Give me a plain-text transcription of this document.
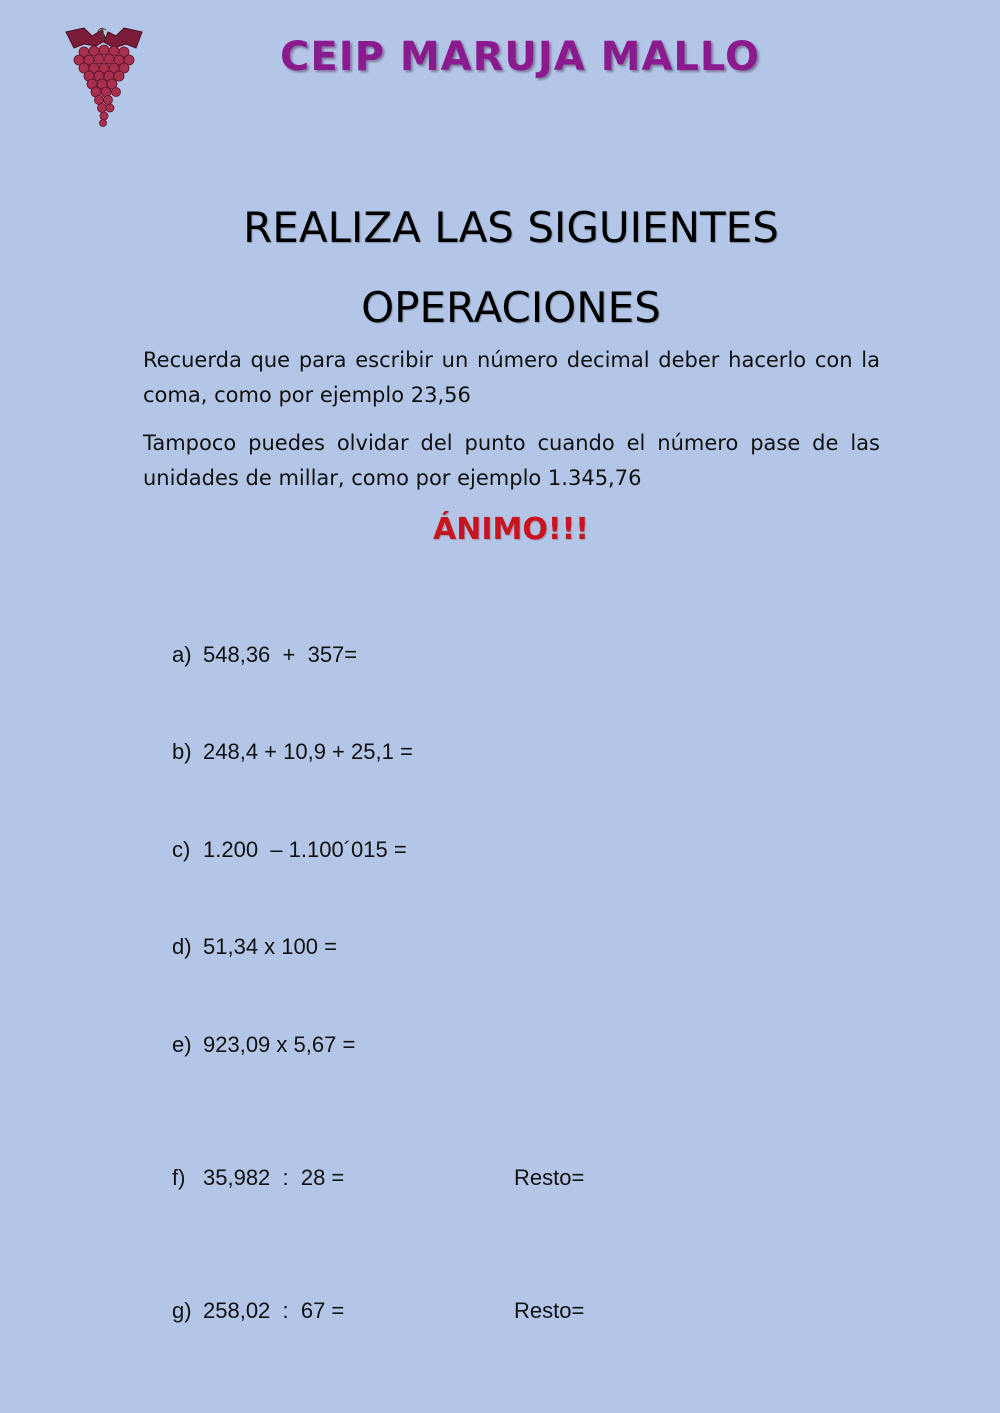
CEIP MARUJA MALLO
REALIZA LAS SIGUIENTES
OPERACIONES

Recuerda que para escribir un número decimal deber hacerlo con la coma, como por ejemplo 23,56

Tampoco puedes olvidar del punto cuando el número pase de las unidades de millar, como por ejemplo 1.345,76

ÁNIMO!!!
a) 548,36  +  357=
b) 248,4 + 10,9 + 25,1 =
c) 1.200  – 1.100´015 =
d) 51,34 x 100 =
e) 923,09 x 5,67 =
f) 35,982  :  28 =	Resto=
g) 258,02  :  67 =	Resto=
